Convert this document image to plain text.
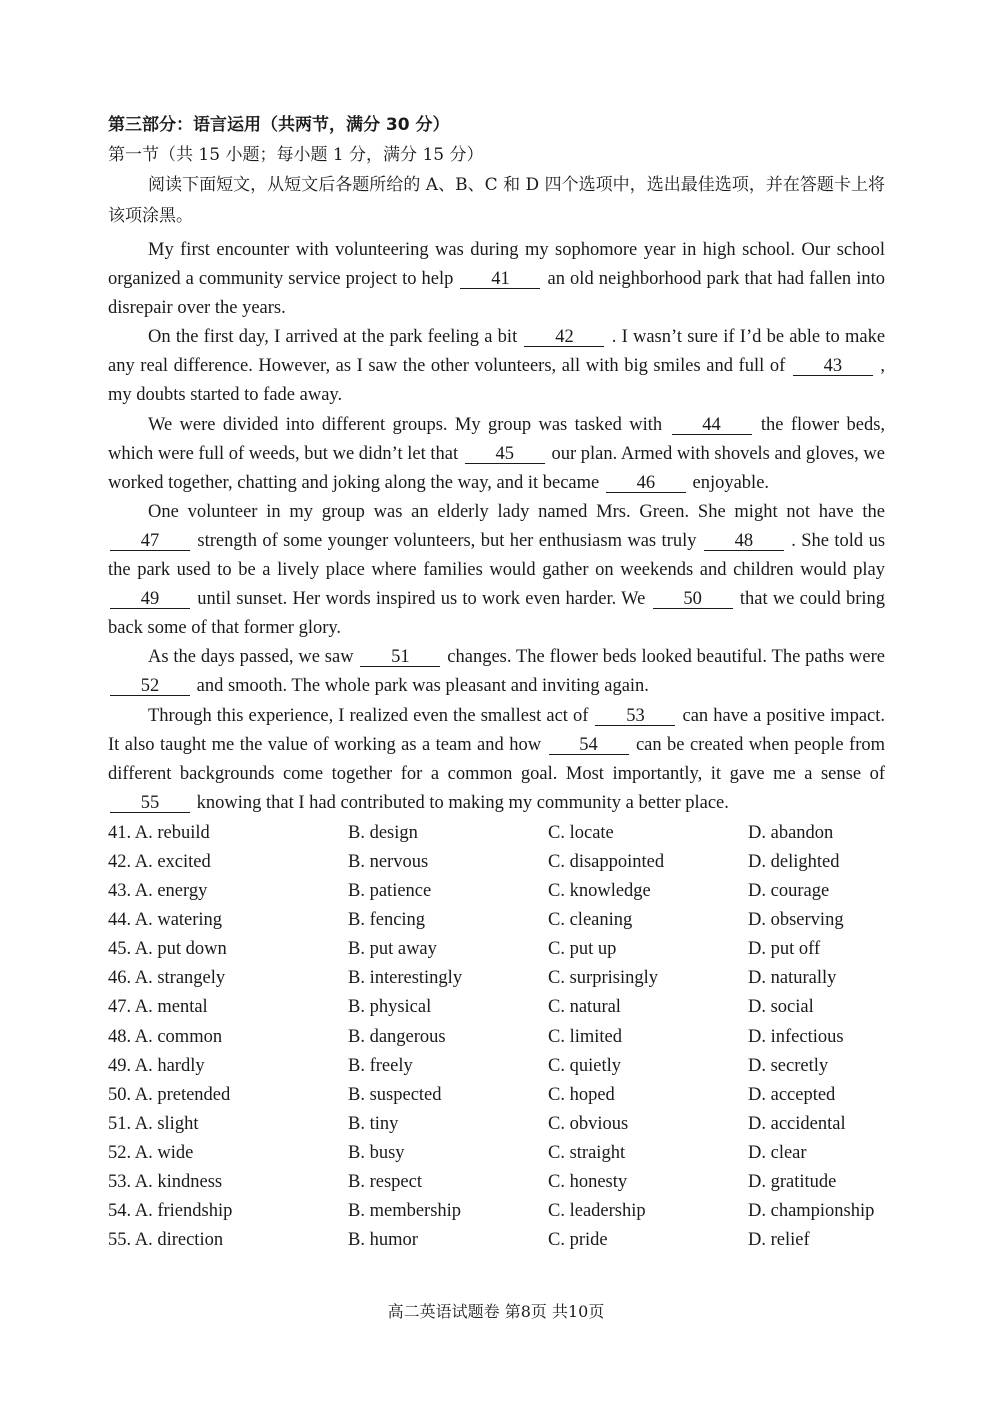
第三部分：语言运用（共两节，满分 30 分）
第一节（共 15 小题；每小题 1 分，满分 15 分）
阅读下面短文，从短文后各题所给的 A、B、C 和 D 四个选项中，选出最佳选项，并在答题卡上将该项涂黑。

My first encounter with volunteering was during my sophomore year in high school. Our school organized a community service project to help 41 an old neighborhood park that had fallen into disrepair over the years.

On the first day, I arrived at the park feeling a bit 42 . I wasn’t sure if I’d be able to make any real difference. However, as I saw the other volunteers, all with big smiles and full of 43 , my doubts started to fade away.

We were divided into different groups. My group was tasked with 44 the flower beds, which were full of weeds, but we didn’t let that 45 our plan. Armed with shovels and gloves, we worked together, chatting and joking along the way, and it became 46 enjoyable.

One volunteer in my group was an elderly lady named Mrs. Green. She might not have the 47 strength of some younger volunteers, but her enthusiasm was truly 48 . She told us the park used to be a lively place where families would gather on weekends and children would play 49 until sunset. Her words inspired us to work even harder. We 50 that we could bring back some of that former glory.

As the days passed, we saw 51 changes. The flower beds looked beautiful. The paths were 52 and smooth. The whole park was pleasant and inviting again.

Through this experience, I realized even the smallest act of 53 can have a positive impact. It also taught me the value of working as a team and how 54 can be created when people from different backgrounds come together for a common goal. Most importantly, it gave me a sense of 55 knowing that I had contributed to making my community a better place.

41. A. rebuild	B. design	C. locate	D. abandon
42. A. excited	B. nervous	C. disappointed	D. delighted
43. A. energy	B. patience	C. knowledge	D. courage
44. A. watering	B. fencing	C. cleaning	D. observing
45. A. put down	B. put away	C. put up	D. put off
46. A. strangely	B. interestingly	C. surprisingly	D. naturally
47. A. mental	B. physical	C. natural	D. social
48. A. common	B. dangerous	C. limited	D. infectious
49. A. hardly	B. freely	C. quietly	D. secretly
50. A. pretended	B. suspected	C. hoped	D. accepted
51. A. slight	B. tiny	C. obvious	D. accidental
52. A. wide	B. busy	C. straight	D. clear
53. A. kindness	B. respect	C. honesty	D. gratitude
54. A. friendship	B. membership	C. leadership	D. championship
55. A. direction	B. humor	C. pride	D. relief
高二英语试题卷 第8页 共10页
